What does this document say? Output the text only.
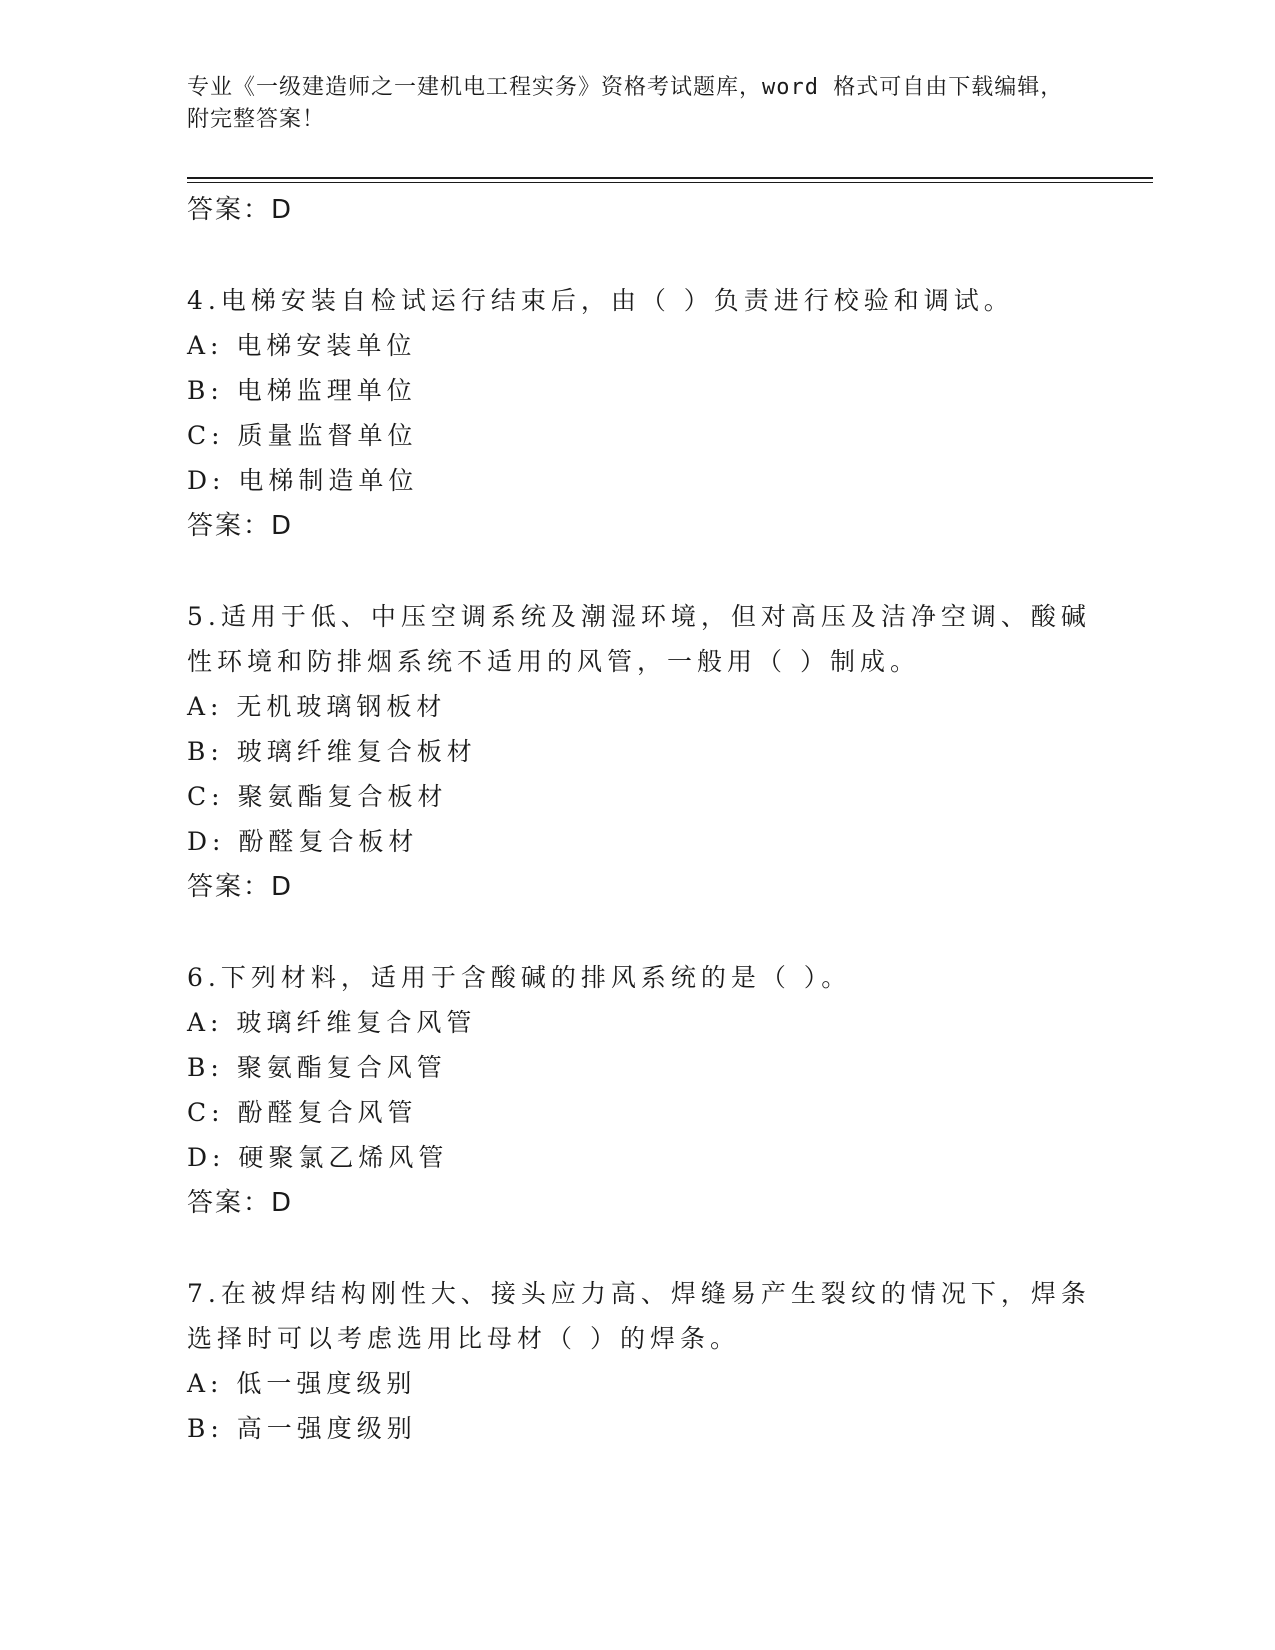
专业《一级建造师之一建机电工程实务》资格考试题库，word 格式可自由下载编辑，附完整答案！
答案：D
4.电梯安装自检试运行结束后，由（ ）负责进行校验和调试。
A: 电梯安装单位
B: 电梯监理单位
C: 质量监督单位
D: 电梯制造单位
答案：D
5.适用于低、中压空调系统及潮湿环境，但对高压及洁净空调、酸碱
性环境和防排烟系统不适用的风管，一般用（ ）制成。
A: 无机玻璃钢板材
B: 玻璃纤维复合板材
C: 聚氨酯复合板材
D: 酚醛复合板材
答案：D
6.下列材料，适用于含酸碱的排风系统的是（ ）。
A: 玻璃纤维复合风管
B: 聚氨酯复合风管
C: 酚醛复合风管
D: 硬聚氯乙烯风管
答案：D
7.在被焊结构刚性大、接头应力高、焊缝易产生裂纹的情况下，焊条
选择时可以考虑选用比母材（ ）的焊条。
A: 低一强度级别
B: 高一强度级别
